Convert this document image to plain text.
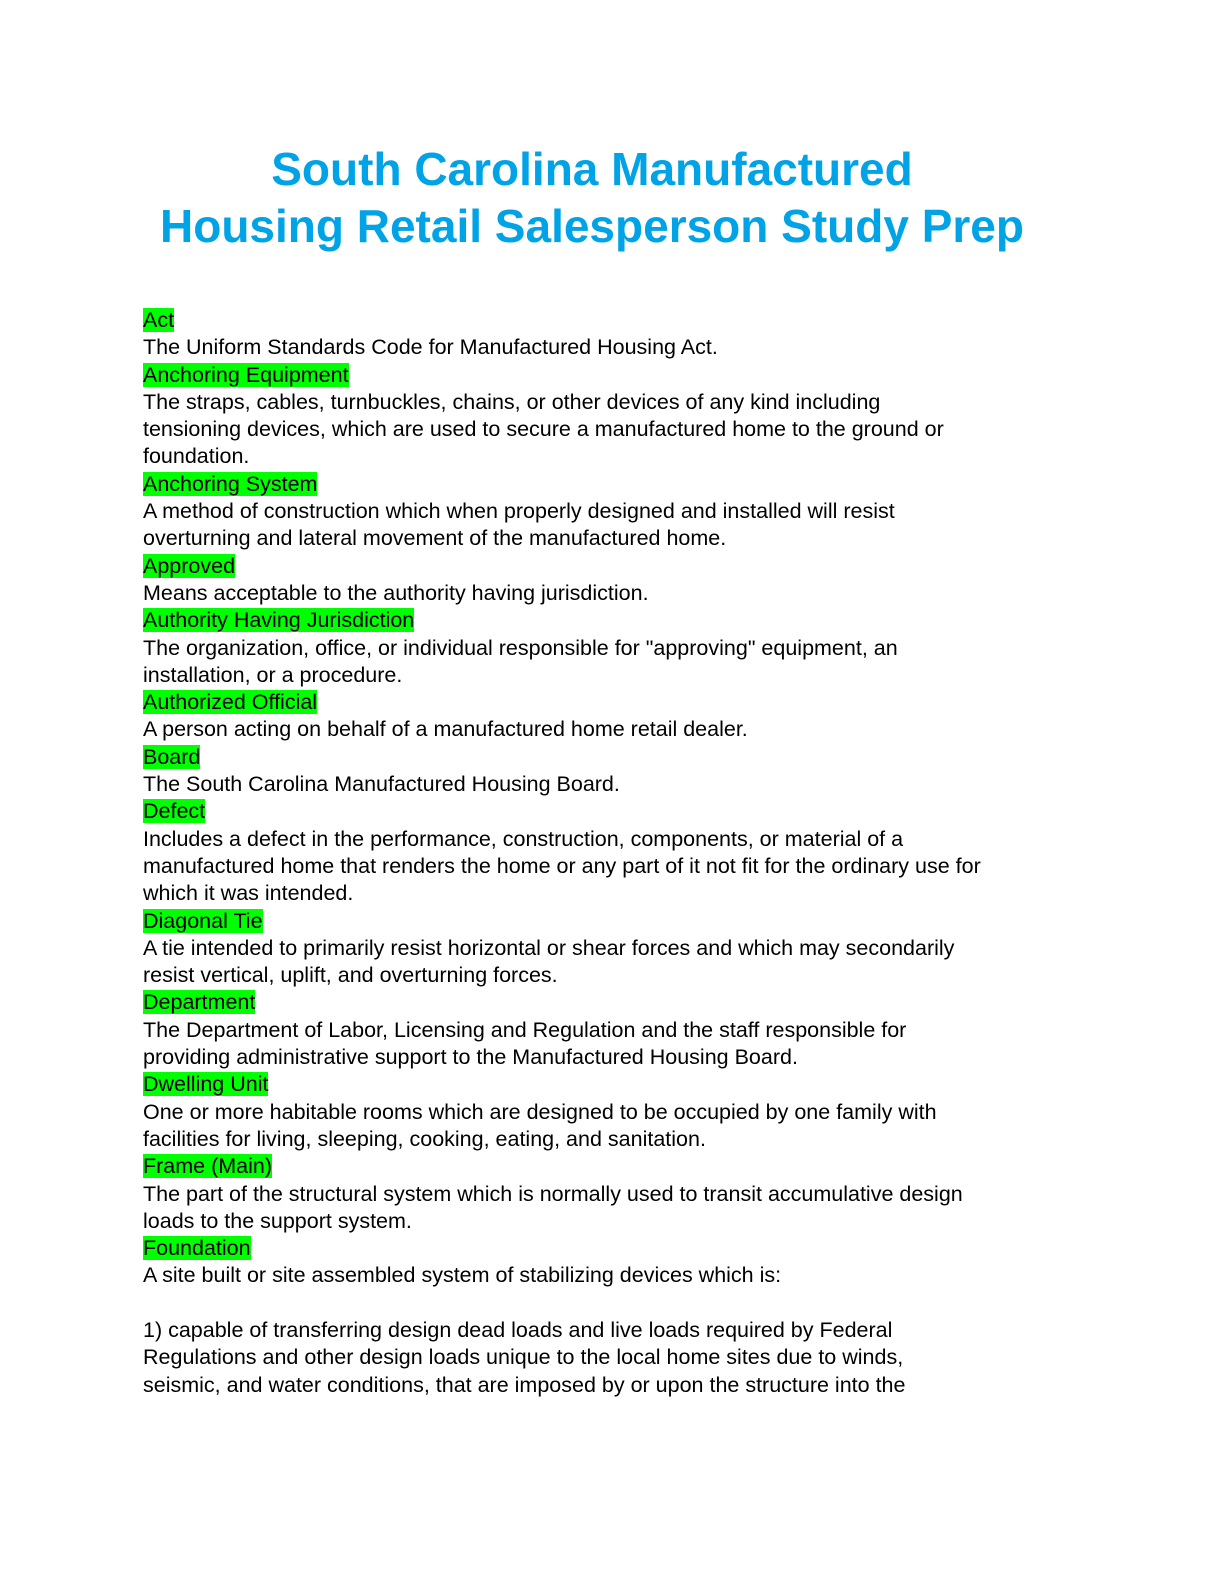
South Carolina Manufactured
Housing Retail Salesperson Study Prep
Act
The Uniform Standards Code for Manufactured Housing Act.
Anchoring Equipment
The straps, cables, turnbuckles, chains, or other devices of any kind including
tensioning devices, which are used to secure a manufactured home to the ground or
foundation.
Anchoring System
A method of construction which when properly designed and installed will resist
overturning and lateral movement of the manufactured home.
Approved
Means acceptable to the authority having jurisdiction.
Authority Having Jurisdiction
The organization, office, or individual responsible for "approving" equipment, an
installation, or a procedure.
Authorized Official
A person acting on behalf of a manufactured home retail dealer.
Board
The South Carolina Manufactured Housing Board.
Defect
Includes a defect in the performance, construction, components, or material of a
manufactured home that renders the home or any part of it not fit for the ordinary use for
which it was intended.
Diagonal Tie
A tie intended to primarily resist horizontal or shear forces and which may secondarily
resist vertical, uplift, and overturning forces.
Department
The Department of Labor, Licensing and Regulation and the staff responsible for
providing administrative support to the Manufactured Housing Board.
Dwelling Unit
One or more habitable rooms which are designed to be occupied by one family with
facilities for living, sleeping, cooking, eating, and sanitation.
Frame (Main)
The part of the structural system which is normally used to transit accumulative design
loads to the support system.
Foundation
A site built or site assembled system of stabilizing devices which is:
1) capable of transferring design dead loads and live loads required by Federal
Regulations and other design loads unique to the local home sites due to winds,
seismic, and water conditions, that are imposed by or upon the structure into the
